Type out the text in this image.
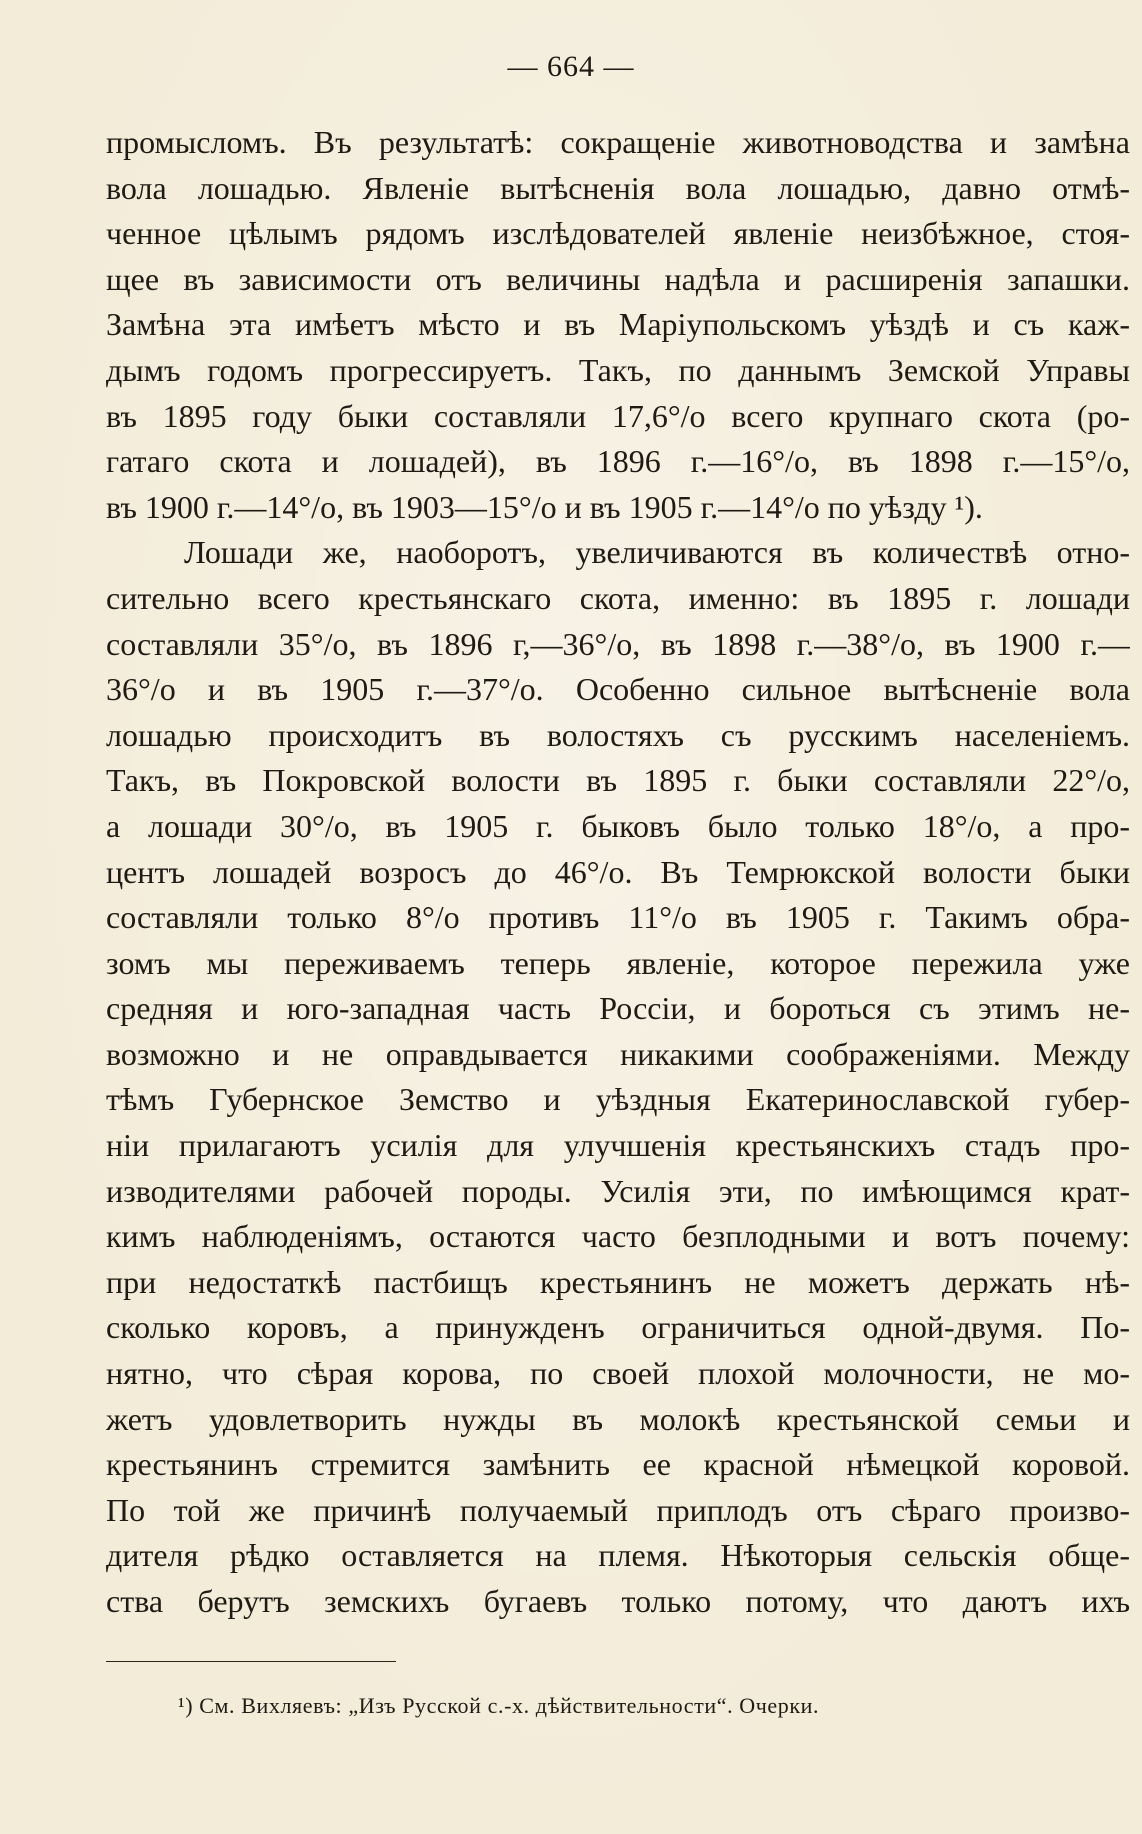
— 664 —
промысломъ. Въ результатѣ: сокращеніе животноводства и замѣна
вола лошадью. Явленіе вытѣсненія вола лошадью, давно отмѣ-
ченное цѣлымъ рядомъ изслѣдователей явленіе неизбѣжное, стоя-
щее въ зависимости отъ величины надѣла и расширенія запашки.
Замѣна эта имѣетъ мѣсто и въ Маріупольскомъ уѣздѣ и съ каж-
дымъ годомъ прогрессируетъ. Такъ, по даннымъ Земской Управы
въ 1895 году быки составляли 17,6°/о всего крупнаго скота (ро-
гатаго скота и лошадей), въ 1896 г.—16°/о, въ 1898 г.—15°/о,
въ 1900 г.—14°/о, въ 1903—15°/о и въ 1905 г.—14°/о по уѣзду ¹).
Лошади же, наоборотъ, увеличиваются въ количествѣ отно-
сительно всего крестьянскаго скота, именно: въ 1895 г. лошади
составляли 35°/о, въ 1896 г,—36°/о, въ 1898 г.—38°/о, въ 1900 г.—
36°/о и въ 1905 г.—37°/о. Особенно сильное вытѣсненіе вола
лошадью происходитъ въ волостяхъ съ русскимъ населеніемъ.
Такъ, въ Покровской волости въ 1895 г. быки составляли 22°/о,
а лошади 30°/о, въ 1905 г. быковъ было только 18°/о, а про-
центъ лошадей возросъ до 46°/о. Въ Темрюкской волости быки
составляли только 8°/о противъ 11°/о въ 1905 г. Такимъ обра-
зомъ мы переживаемъ теперь явленіе, которое пережила уже
средняя и юго-западная часть Россіи, и бороться съ этимъ не-
возможно и не оправдывается никакими соображеніями. Между
тѣмъ Губернское Земство и уѣздныя Екатеринославской губер-
ніи прилагаютъ усилія для улучшенія крестьянскихъ стадъ про-
изводителями рабочей породы. Усилія эти, по имѣющимся крат-
кимъ наблюденіямъ, остаются часто безплодными и вотъ почему:
при недостаткѣ пастбищъ крестьянинъ не можетъ держать нѣ-
сколько коровъ, а принужденъ ограничиться одной-двумя. По-
нятно, что сѣрая корова, по своей плохой молочности, не мо-
жетъ удовлетворить нужды въ молокѣ крестьянской семьи и
крестьянинъ стремится замѣнить ее красной нѣмецкой коровой.
По той же причинѣ получаемый приплодъ отъ сѣраго произво-
дителя рѣдко оставляется на племя. Нѣкоторыя сельскія обще-
ства берутъ земскихъ бугаевъ только потому, что даютъ ихъ
¹) См. Вихляевъ: „Изъ Русской с.-х. дѣйствительности“. Очерки.
